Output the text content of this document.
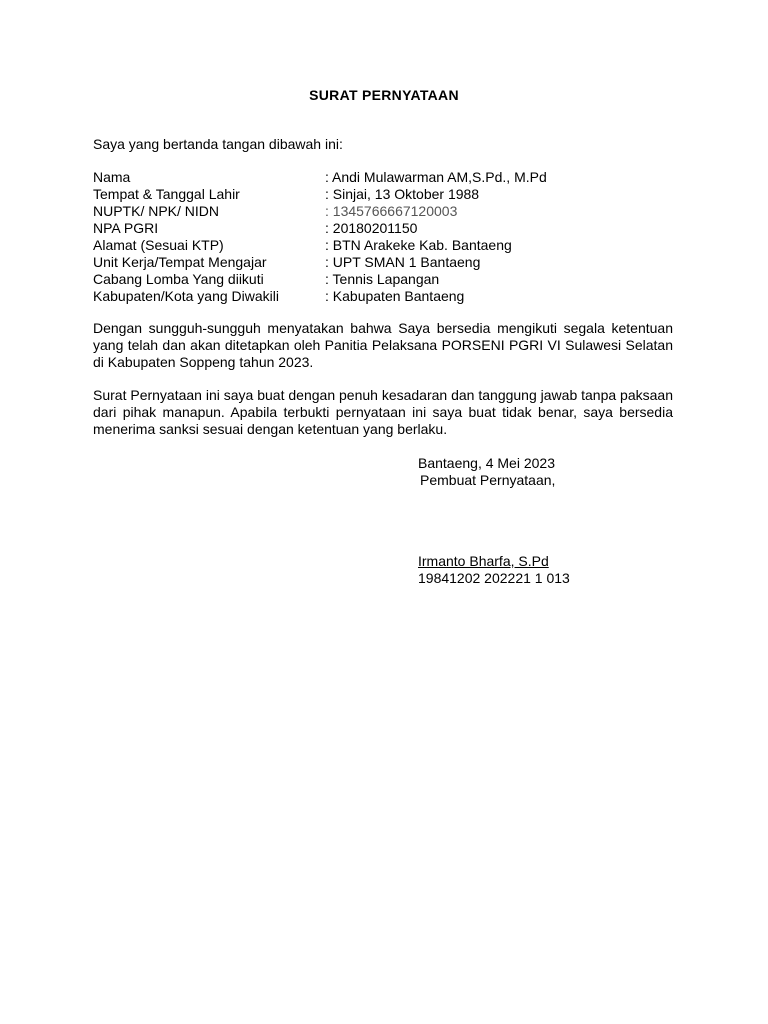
SURAT PERNYATAAN
Saya yang bertanda tangan dibawah ini:
Nama	: Andi Mulawarman AM,S.Pd., M.Pd
Tempat & Tanggal Lahir	: Sinjai, 13 Oktober 1988
NUPTK/ NPK/ NIDN	: 1345766667120003
NPA PGRI	: 20180201150
Alamat (Sesuai KTP)	: BTN Arakeke Kab. Bantaeng
Unit Kerja/Tempat Mengajar	: UPT SMAN 1 Bantaeng
Cabang Lomba Yang diikuti	: Tennis Lapangan
Kabupaten/Kota yang Diwakili	: Kabupaten Bantaeng
Dengan sungguh-sungguh menyatakan bahwa Saya bersedia mengikuti segala ketentuan yang telah dan akan ditetapkan oleh Panitia Pelaksana PORSENI PGRI VI Sulawesi Selatan di Kabupaten Soppeng tahun 2023.
Surat Pernyataan ini saya buat dengan penuh kesadaran dan tanggung jawab tanpa paksaan dari pihak manapun. Apabila terbukti pernyataan ini saya buat tidak benar, saya bersedia menerima sanksi sesuai dengan ketentuan yang berlaku.
Bantaeng, 4 Mei 2023
Pembuat Pernyataan,
Irmanto Bharfa, S.Pd
19841202 202221 1 013
